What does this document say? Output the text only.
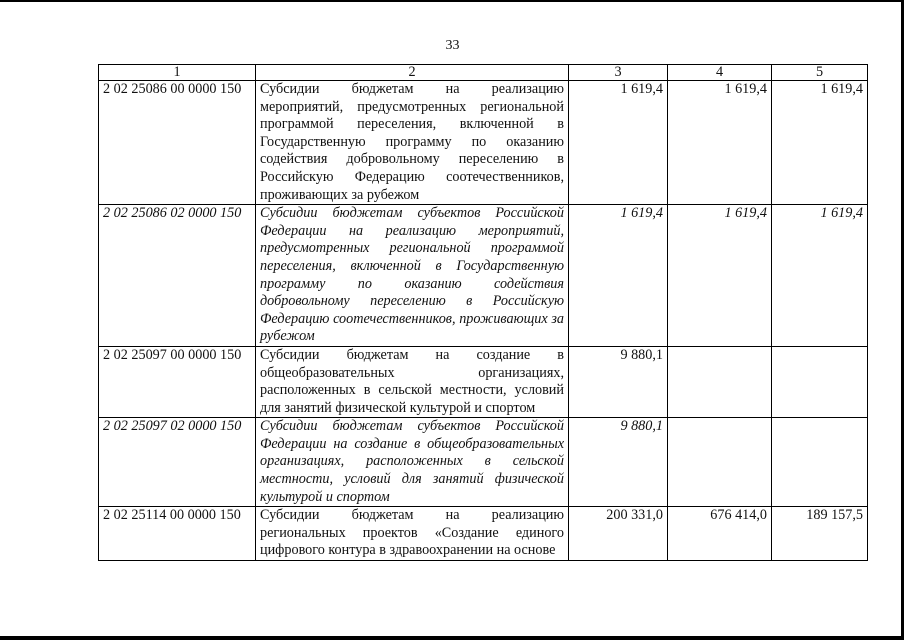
33
1	2	3	4	5
2 02 25086 00 0000 150	Субсидии бюджетам на реализацию мероприятий, предусмотренных региональной программой переселения, включенной в Государственную программу по оказанию содействия добровольному переселению в Российскую Федерацию соотечественников, проживающих за рубежом	1 619,4	1 619,4	1 619,4
2 02 25086 02 0000 150	Субсидии бюджетам субъектов Российской Федерации на реализацию мероприятий, предусмотренных региональной программой переселения, включенной в Государственную программу по оказанию содействия добровольному переселению в Российскую Федерацию соотечественников, проживающих за рубежом	1 619,4	1 619,4	1 619,4
2 02 25097 00 0000 150	Субсидии бюджетам на создание в общеобразовательных организациях, расположенных в сельской местности, условий для занятий физической культурой и спортом	9 880,1		
2 02 25097 02 0000 150	Субсидии бюджетам субъектов Российской Федерации на создание в общеобразовательных организациях, расположенных в сельской местности, условий для занятий физической культурой и спортом	9 880,1		
2 02 25114 00 0000 150	Субсидии бюджетам на реализацию региональных проектов «Создание единого цифрового контура в здравоохранении на основе	200 331,0	676 414,0	189 157,5
